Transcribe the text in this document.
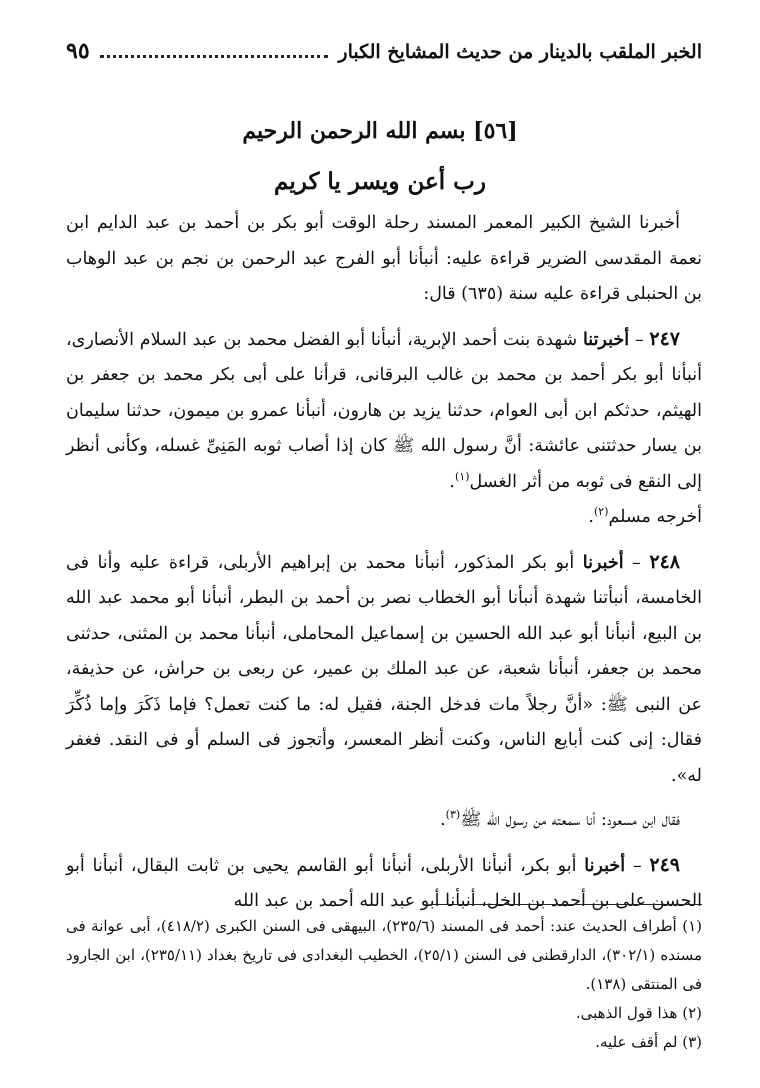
الخبر الملقب بالدينار من حديث المشايخ الكبار
٩٥
[٥٦] بسم الله الرحمن الرحيم
رب أعن ويسر يا كريم

أخبرنا الشيخ الكبير المعمر المسند رحلة الوقت أبو بكر بن أحمد بن عبد الدايم ابن نعمة المقدسى الضرير قراءة عليه: أنبأنا أبو الفرج عبد الرحمن بن نجم بن عبد الوهاب بن الحنبلى قراءة عليه سنة (٦٣٥) قال:

٢٤٧ – أخبرتنا شهدة بنت أحمد الإبرية، أنبأنا أبو الفضل محمد بن عبد السلام الأنصارى، أنبأنا أبو بكر أحمد بن محمد بن غالب البرقانى، قرأنا على أبى بكر محمد بن جعفر بن الهيثم، حدثكم ابن أبى العوام، حدثنا يزيد بن هارون، أنبأنا عمرو بن ميمون، حدثنا سليمان بن يسار حدثتنى عائشة: أنَّ رسول الله ﷺ كان إذا أصاب ثوبه المَنِىِّ غسله، وكأنى أنظر إلى النقع فى ثوبه من أثر الغسل$^{(١)}$.

أخرجه مسلم$^{(٢)}$.

٢٤٨ – أخبرنا أبو بكر المذكور، أنبأنا محمد بن إبراهيم الأربلى، قراءة عليه وأنا فى الخامسة، أنبأتنا شهدة أنبأنا أبو الخطاب نصر بن أحمد بن البطر، أنبأنا أبو محمد عبد الله بن البيع، أنبأنا أبو عبد الله الحسين بن إسماعيل المحاملى، أنبأنا محمد بن المثنى، حدثنى محمد بن جعفر، أنبأنا شعبة، عن عبد الملك بن عمير، عن ربعى بن حراش، عن حذيفة، عن النبى ﷺ: «أنَّ رجلاً مات فدخل الجنة، فقيل له: ما كنت تعمل؟ فإما ذَكَرَ وإما ذُكِّرَ فقال: إنى كنت أبايع الناس، وكنت أنظر المعسر، وأتجوز فى السلم أو فى النقد. فغفر له».

فقال ابن مسعود: أنا سمعته من رسول الله ﷺ$^{(٣)}$.

٢٤٩ – أخبرنا أبو بكر، أنبأنا الأربلى، أنبأنا أبو القاسم يحيى بن ثابت البقال، أنبأنا أبو الحسن على بن أحمد بن الخل، أنبأنا أبو عبد الله أحمد بن عبد الله

(١) أطراف الحديث عند: أحمد فى المسند (٢٣٥/٦)، البيهقى فى السنن الكبرى (٤١٨/٢)، أبى عوانة فى مسنده (٣٠٢/١)، الدارقطنى فى السنن (٢٥/١)، الخطيب البغدادى فى تاريخ بغداد (٢٣٥/١١)، ابن الجارود فى المنتقى (١٣٨).

(٢) هذا قول الذهبى.

(٣) لم أقف عليه.
